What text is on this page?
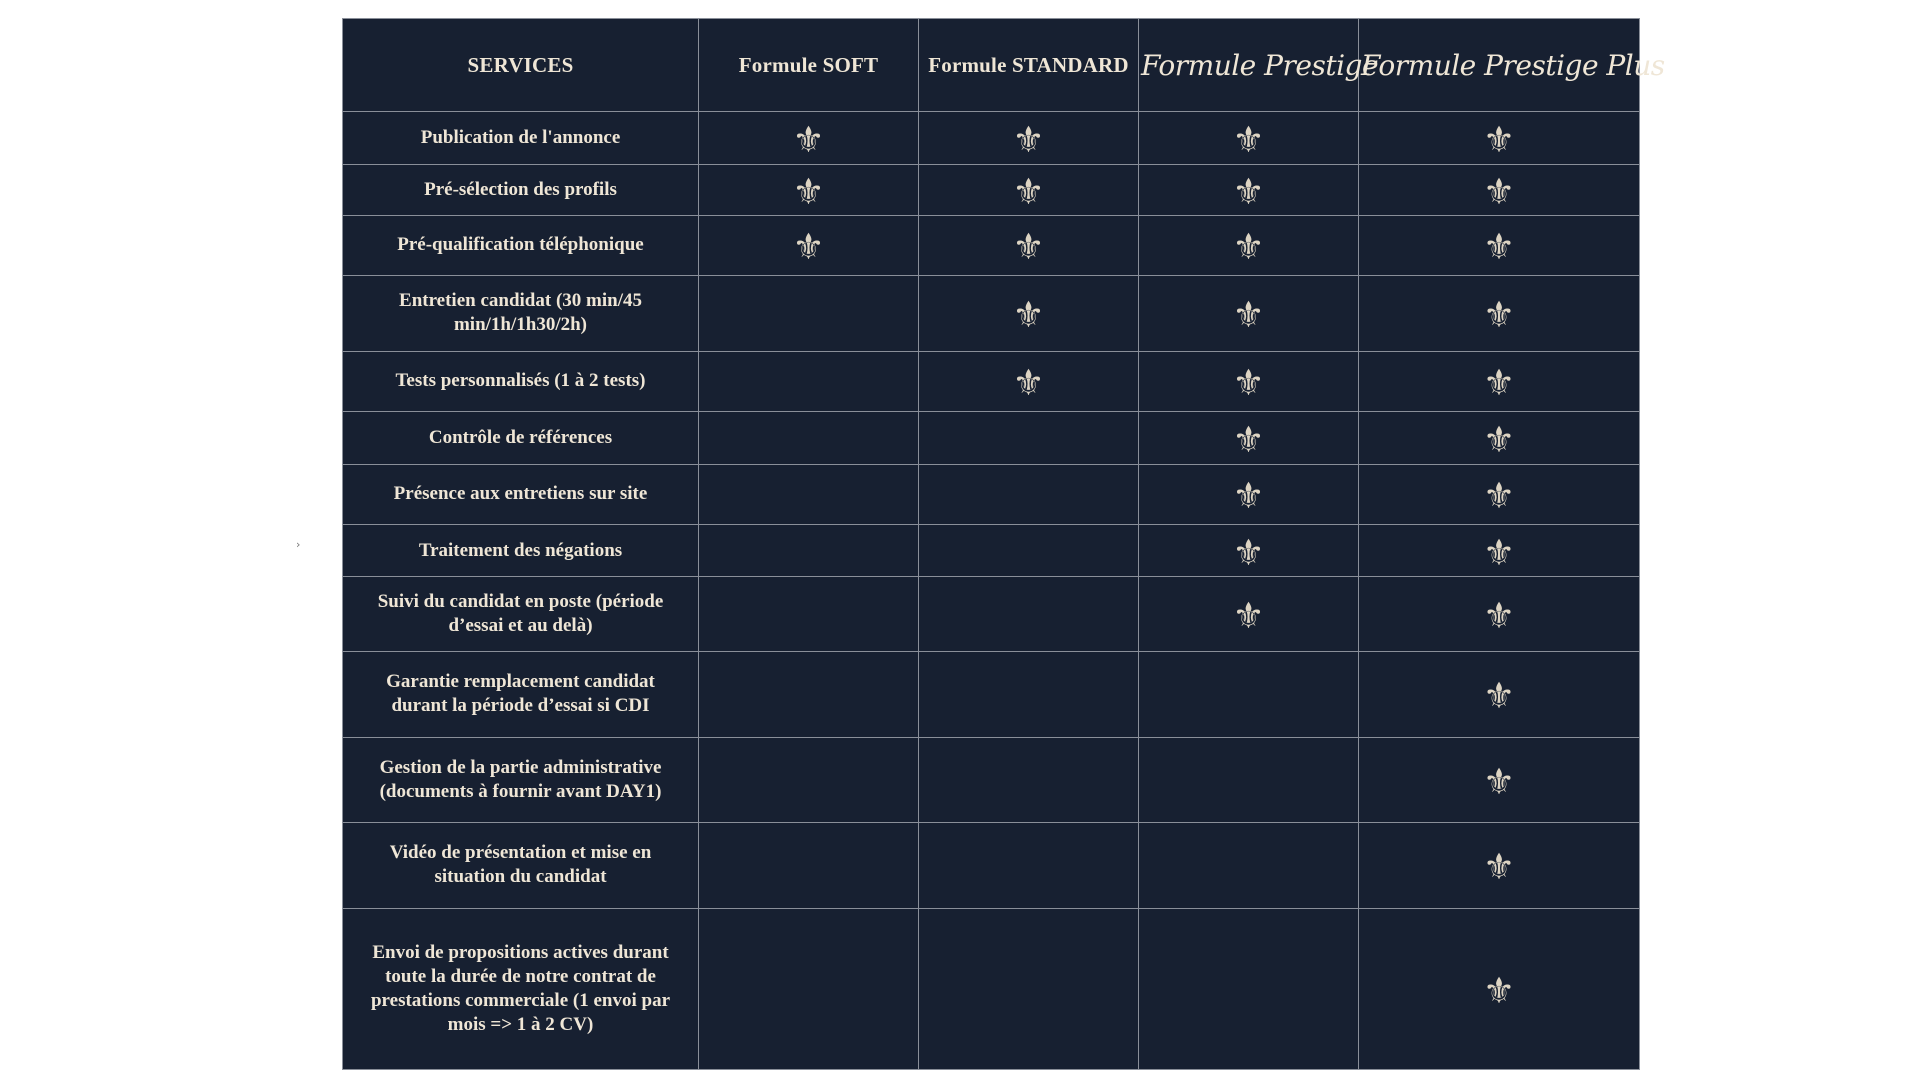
›
SERVICES	Formule SOFT	Formule STANDARD	Formule Prestige	Formule Prestige Plus
Publication de l'annonce	⚜	⚜	⚜	⚜
Pré-sélection des profils	⚜	⚜	⚜	⚜
Pré-qualification téléphonique	⚜	⚜	⚜	⚜
Entretien candidat (30 min/45 min/1h/1h30/2h)		⚜	⚜	⚜
Tests personnalisés (1 à 2 tests)		⚜	⚜	⚜
Contrôle de références			⚜	⚜
Présence aux entretiens sur site			⚜	⚜
Traitement des négations			⚜	⚜
Suivi du candidat en poste (période d’essai et au delà)			⚜	⚜
Garantie remplacement candidat durant la période d’essai si CDI				⚜
Gestion de la partie administrative (documents à fournir avant DAY1)				⚜
Vidéo de présentation et mise en situation du candidat				⚜
Envoi de propositions actives durant toute la durée de notre contrat de prestations commerciale (1 envoi par mois => 1 à 2 CV)				⚜
